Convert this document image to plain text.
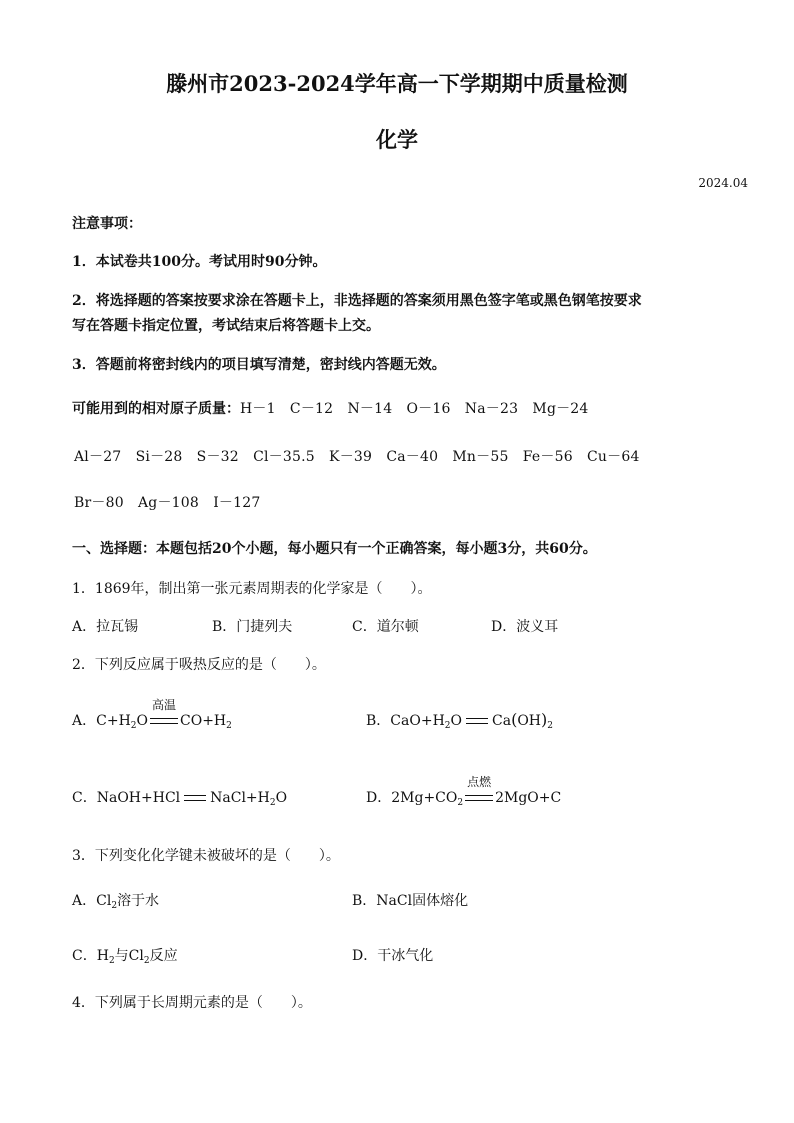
滕州市2023-2024学年高一下学期期中质量检测
化学
2024.04
注意事项：
1．本试卷共100分。考试用时90分钟。
2．将选择题的答案按要求涂在答题卡上，非选择题的答案须用黑色签字笔或黑色钢笔按要求
写在答题卡指定位置，考试结束后将答题卡上交。
3．答题前将密封线内的项目填写清楚，密封线内答题无效。
可能用到的相对原子质量：H－1　C－12　N－14　O－16　Na－23　Mg－24
Al－27　Si－28　S－32　Cl－35.5　K－39　Ca－40　Mn－55　Fe－56　Cu－64
Br－80　Ag－108　I－127
一、选择题：本题包括20个小题，每小题只有一个正确答案，每小题3分，共60分。
1．1869年，制出第一张元素周期表的化学家是（　　）。
A．拉瓦锡	B．门捷列夫	C．道尔顿	D．波义耳
2．下列反应属于吸热反应的是（　　）。
A．$C+H_2O$
高温
$CO+H_2$	B．$CaO+H_2O$ $Ca(OH)_2$
C．NaOH+HCl $NaCl+H_2O$	D．$2Mg+CO_2$
点燃
2MgO+C
3．下列变化化学键未被破坏的是（　　）。
A．$Cl_2$溶于水	B．NaCl固体熔化
C．$H_2$与$Cl_2$反应	D．干冰气化
4．下列属于长周期元素的是（　　）。
